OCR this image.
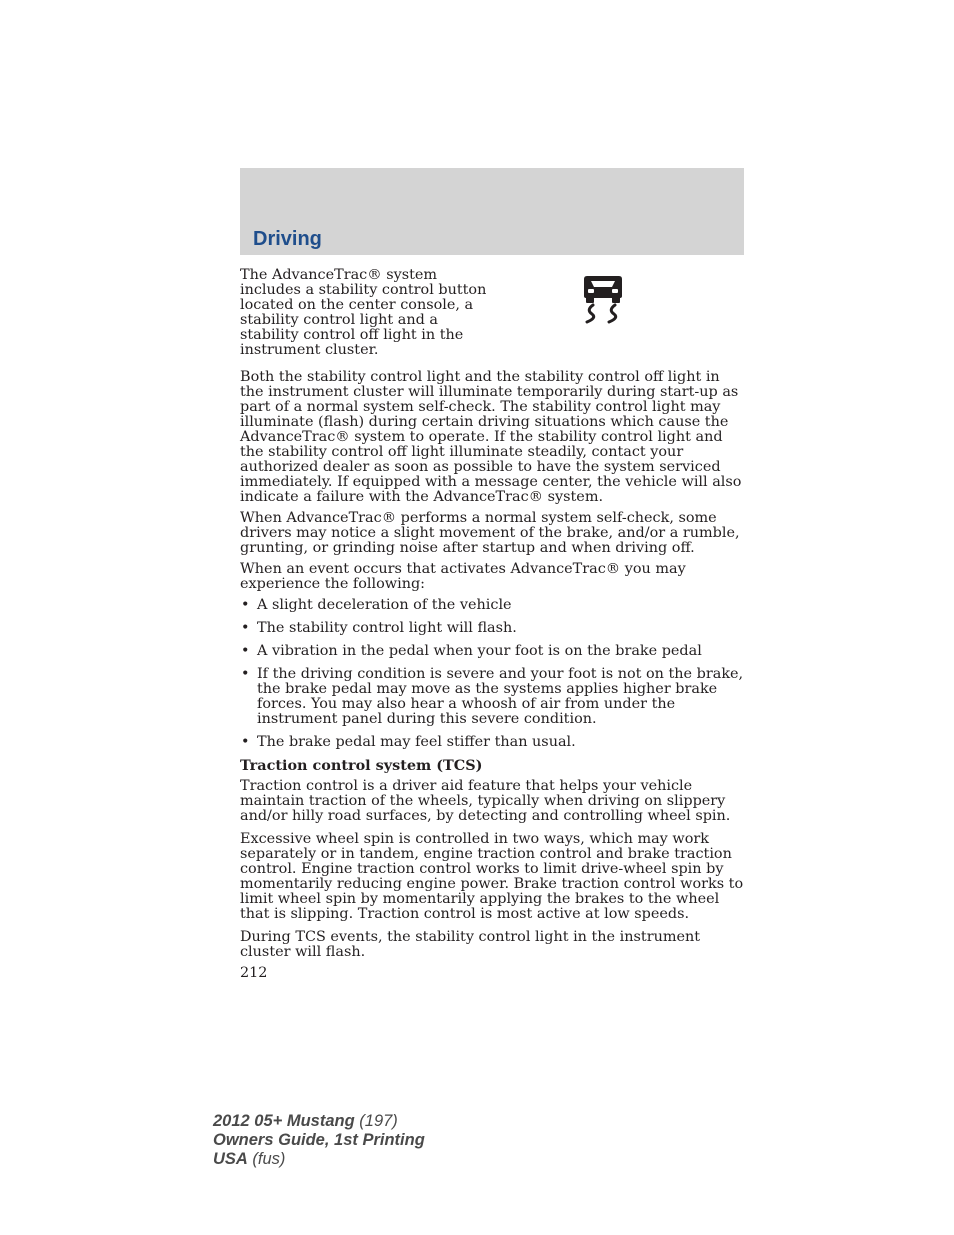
Driving

The AdvanceTrac® system includes a stability control button located on the center console, a stability control light and a stability control off light in the instrument cluster.

Both the stability control light and the stability control off light in the instrument cluster will illuminate temporarily during start-up as part of a normal system self-check. The stability control light may illuminate (flash) during certain driving situations which cause the AdvanceTrac® system to operate. If the stability control light and the stability control off light illuminate steadily, contact your authorized dealer as soon as possible to have the system serviced immediately. If equipped with a message center, the vehicle will also indicate a failure with the AdvanceTrac® system.

When AdvanceTrac® performs a normal system self-check, some drivers may notice a slight movement of the brake, and/or a rumble, grunting, or grinding noise after startup and when driving off.

When an event occurs that activates AdvanceTrac® you may experience the following:

• A slight deceleration of the vehicle
• The stability control light will flash.
• A vibration in the pedal when your foot is on the brake pedal
• If the driving condition is severe and your foot is not on the brake, the brake pedal may move as the systems applies higher brake forces. You may also hear a whoosh of air from under the instrument panel during this severe condition.
• The brake pedal may feel stiffer than usual.

Traction control system (TCS)

Traction control is a driver aid feature that helps your vehicle maintain traction of the wheels, typically when driving on slippery and/or hilly road surfaces, by detecting and controlling wheel spin.

Excessive wheel spin is controlled in two ways, which may work separately or in tandem, engine traction control and brake traction control. Engine traction control works to limit drive-wheel spin by momentarily reducing engine power. Brake traction control works to limit wheel spin by momentarily applying the brakes to the wheel that is slipping. Traction control is most active at low speeds.

During TCS events, the stability control light in the instrument cluster will flash.

212
2012 05+ Mustang (197)
Owners Guide, 1st Printing
USA (fus)
